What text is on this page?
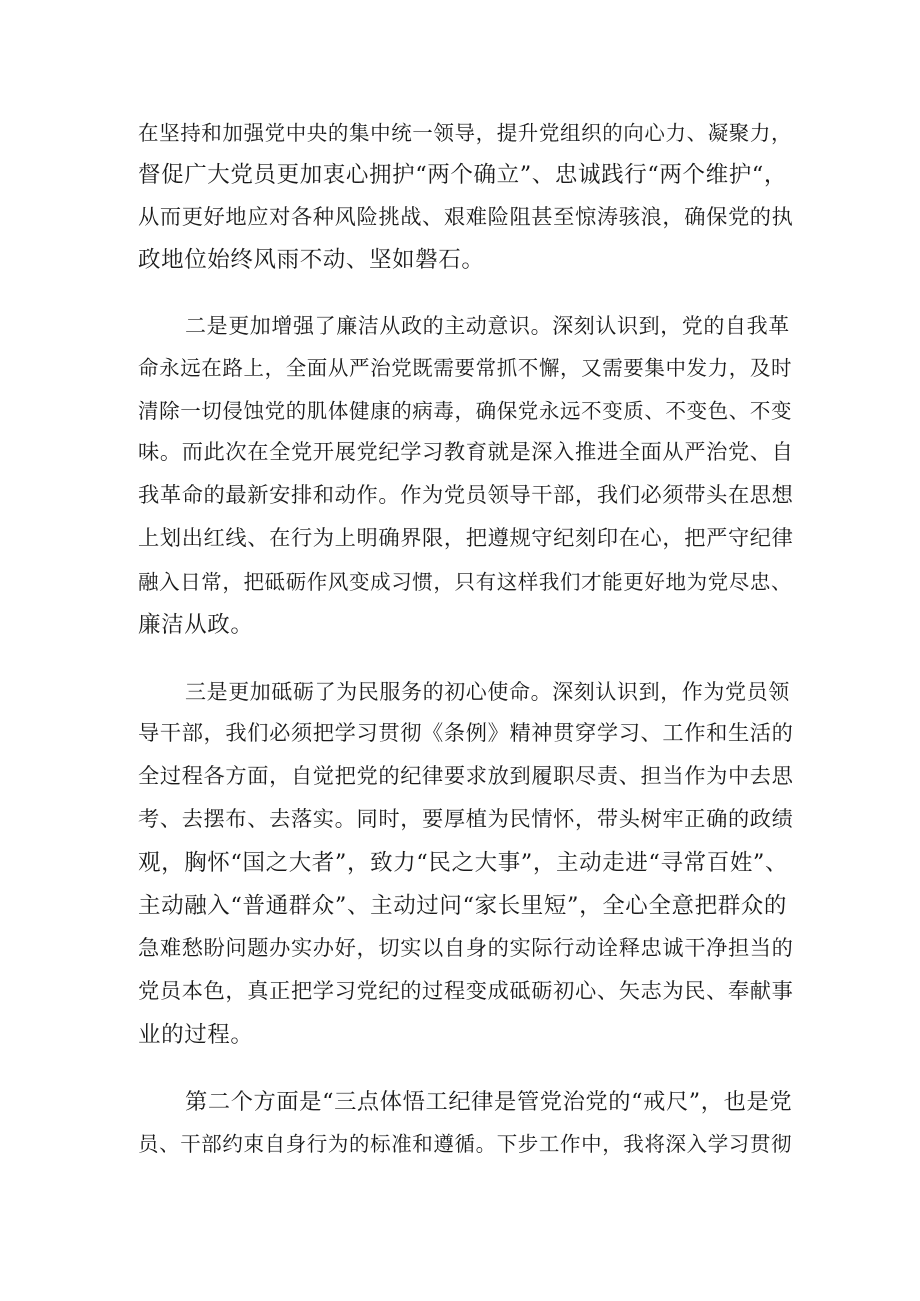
在坚持和加强党中央的集中统一领导，提升党组织的向心力、凝聚力，
督促广大党员更加衷心拥护“两个确立”、忠诚践行“两个维护“，
从而更好地应对各种风险挑战、艰难险阻甚至惊涛骇浪，确保党的执
政地位始终风雨不动、坚如磐石。
二是更加增强了廉洁从政的主动意识。深刻认识到，党的自我革
命永远在路上，全面从严治党既需要常抓不懈，又需要集中发力，及时
清除一切侵蚀党的肌体健康的病毒，确保党永远不变质、不变色、不变
味。而此次在全党开展党纪学习教育就是深入推进全面从严治党、自
我革命的最新安排和动作。作为党员领导干部，我们必须带头在思想
上划出红线、在行为上明确界限，把遵规守纪刻印在心，把严守纪律
融入日常，把砥砺作风变成习惯，只有这样我们才能更好地为党尽忠、
廉洁从政。
三是更加砥砺了为民服务的初心使命。深刻认识到，作为党员领
导干部，我们必须把学习贯彻《条例》精神贯穿学习、工作和生活的
全过程各方面，自觉把党的纪律要求放到履职尽责、担当作为中去思
考、去摆布、去落实。同时，要厚植为民情怀，带头树牢正确的政绩
观，胸怀“国之大者”，致力“民之大事”，主动走进“寻常百姓”、
主动融入“普通群众”、主动过问“家长里短”，全心全意把群众的
急难愁盼问题办实办好，切实以自身的实际行动诠释忠诚干净担当的
党员本色，真正把学习党纪的过程变成砥砺初心、矢志为民、奉献事
业的过程。
第二个方面是“三点体悟工纪律是管党治党的“戒尺”，也是党
员、干部约束自身行为的标准和遵循。下步工作中，我将深入学习贯彻
